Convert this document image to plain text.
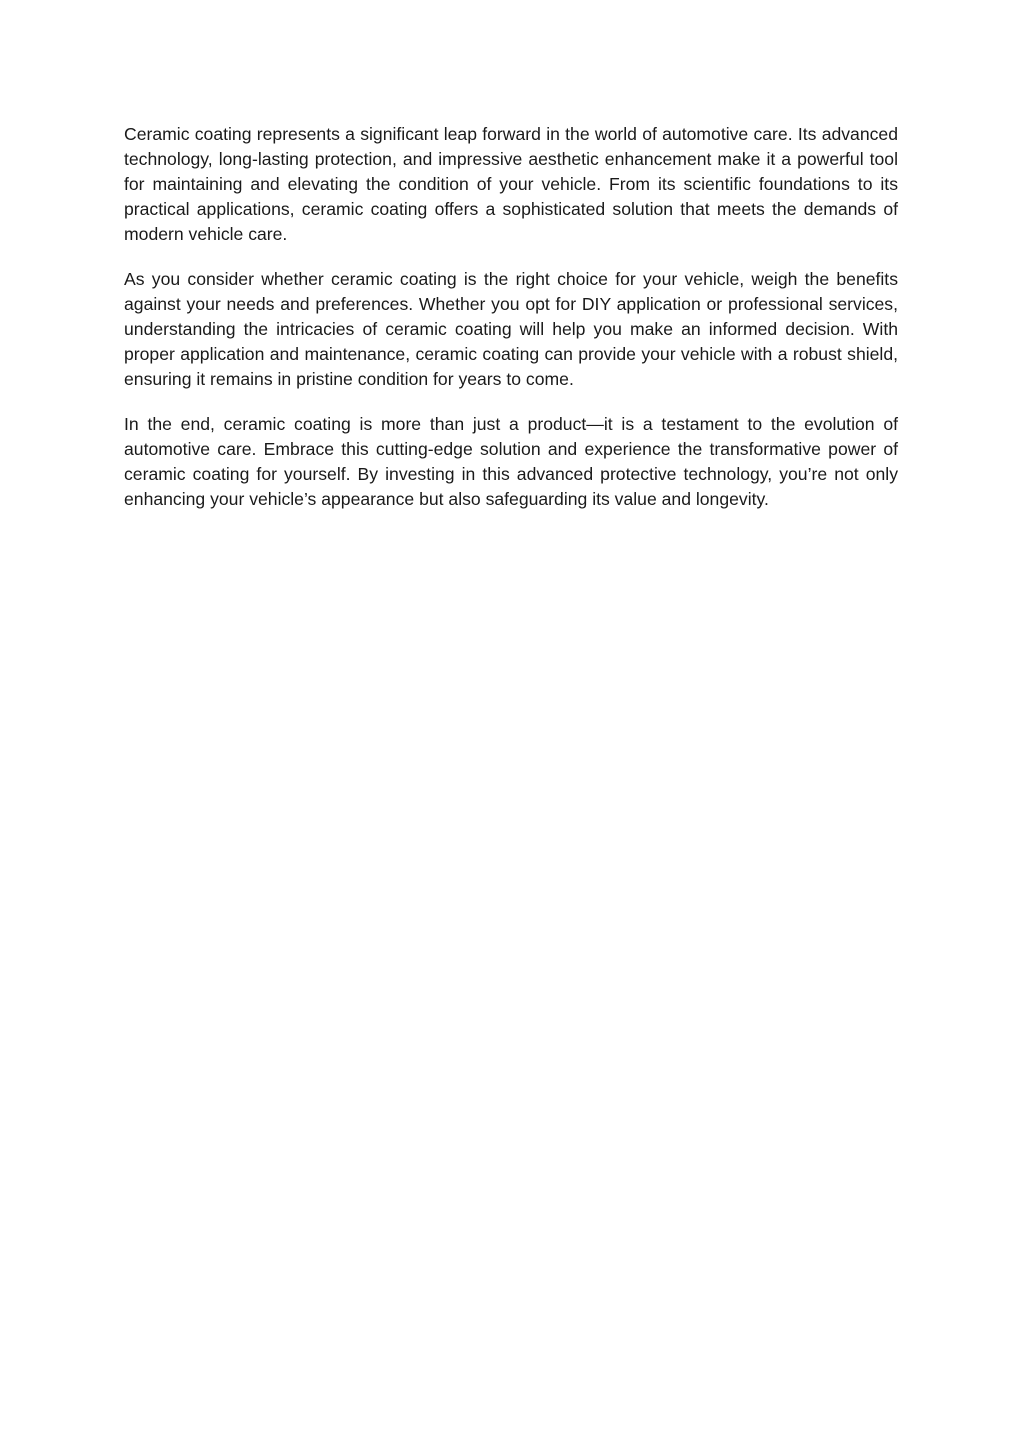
Ceramic coating represents a significant leap forward in the world of automotive care. Its advanced technology, long-lasting protection, and impressive aesthetic enhancement make it a powerful tool for maintaining and elevating the condition of your vehicle. From its scientific foundations to its practical applications, ceramic coating offers a sophisticated solution that meets the demands of modern vehicle care.

As you consider whether ceramic coating is the right choice for your vehicle, weigh the benefits against your needs and preferences. Whether you opt for DIY application or professional services, understanding the intricacies of ceramic coating will help you make an informed decision. With proper application and maintenance, ceramic coating can provide your vehicle with a robust shield, ensuring it remains in pristine condition for years to come.

In the end, ceramic coating is more than just a product—it is a testament to the evolution of automotive care. Embrace this cutting-edge solution and experience the transformative power of ceramic coating for yourself. By investing in this advanced protective technology, you’re not only enhancing your vehicle’s appearance but also safeguarding its value and longevity.
